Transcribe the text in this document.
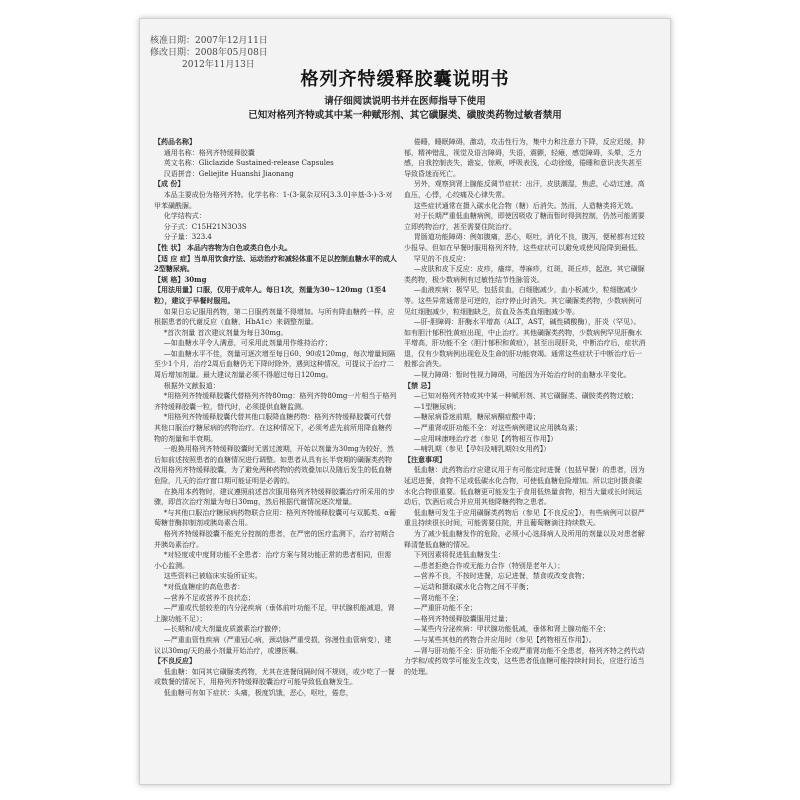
核准日期：2007年12月11日
修改日期：2008年05月08日
2012年11月13日
格列齐特缓释胶囊说明书
请仔细阅读说明书并在医师指导下使用
已知对格列齐特或其中某一种赋形剂、其它磺脲类、磺胺类药物过敏者禁用

【药品名称】

通用名称：格列齐特缓释胶囊

英文名称：Gliclazide Sustained-release Capsules

汉语拼音：Geliejite Huanshi Jiaonang

【成 份】

本品主要成份为格列齐特。化学名称：1-(3-氮杂双环[3.3.0]辛基-3-)-3-对甲苯磺酰脲。

化学结构式：

分子式：C15H21N3O3S

分子量：323.4

【性 状】 本品内容物为白色或类白色小丸。

【适 应 症】当单用饮食疗法、运动治疗和减轻体重不足以控制血糖水平的成人2型糖尿病。

【规 格】30mg

【用法用量】口服，仅用于成年人。每日1次，剂量为30~120mg（1至4粒），建议于早餐时服用。

如果日忘记服用药物，第二日服药剂量不得增加。与所有降血糖药一样，应根据患者的代谢反应（血糖，HbA1c）来调整剂量。

*首次剂量 首次建议剂量为每日30mg。

—如血糖水平令人满意，可采用此剂量用作维持治疗；

—如血糖水平不佳，剂量可逐次增至每日60、90或120mg，每次增量间隔至少1个月，治疗2周后血糖仍无下降时除外，遇到这种情况，可提议于治疗二周后增加剂量。最大建议剂量必须不得超过每日120mg。

根据外文献报道：

*用格列齐特缓释胶囊代替格列齐特80mg：格列齐特80mg一片相当于格列齐特缓释胶囊一粒，替代时，必须提供血糖监测。

*用格列齐特缓释胶囊代替其他口服降血糖药物：格列齐特缓释胶囊可代替其他口服治疗糖尿病的药物治疗。在这种情况下，必须考虑先前所用降血糖药物的剂量和半衰期。

一般换用格列齐特缓释胶囊时无需过渡期，开始以剂量为30mg为较好，然后如前述按照患者的血糖情况进行调整。如患者从具有长半衰期的磺脲类药物改用格列齐特缓释胶囊，为了避免两种药物的药效叠加以及随后发生的低血糖危险，几天的治疗窗口期可能证明是必需的。

在换用本药物时，建议遵照前述首次服用格列齐特缓释胶囊治疗所采用的步骤，即首次治疗剂量为每日30mg，然后根据代谢情况逐次增量。

*与其他口服治疗糖尿病药物联合应用：格列齐特缓释胶囊可与双胍类、α葡萄糖苷酶抑制剂或胰岛素合用。

格列齐特缓释胶囊不能充分控制的患者，在严密的医疗监测下，治疗初期合并胰岛素治疗。

*对轻度或中度肾功能不全患者：治疗方案与肾功能正常的患者相同，但需小心监测。

这些资料已被临床实验所证实。

*对低血糖症的高危患者：

—营养不足或营养不良状态；

—严重或代偿较差的内分泌疾病（垂体前叶功能不足，甲状腺机能减退，肾上腺功能不足）；

—长期和/或大剂量皮质激素治疗撤停；

—严重血管性疾病（严重冠心病，颈动脉严重受损，弥漫性血管病变），建议以30mg/天的最小剂量开始治疗，或遵医嘱。

【不良反应】

低血糖：如同其它磺脲类药物，尤其在进餐间隔时间不规则，或少吃了一餐或数餐的情况下，用格列齐特缓释胶囊治疗可能导致低血糖发生。

低血糖可有如下症状：头痛，极度饥饿，恶心，呕吐，倦怠，

倦睡，睡眠障碍，激动，攻击性行为，集中力和注意力下降，反应迟缓，抑郁，精神错乱，视觉及语言障碍，失语，震颤，轻瘫，感觉障碍，头晕，乏力感，自我控制丧失，谵妄，惊厥，呼吸表浅，心动徐缓，倦睡和意识丧失甚至导致昏迷而死亡。

另外，观察到肾上腺能反调节症状：出汗，皮肤潮湿，焦虑，心动过速，高血压，心悸，心绞痛及心律失常。

这些症状通常在摄入碳水化合物（糖）后消失。然而，人造糖类将无效。

对于长期严重低血糖病例，即使因吸收了糖而暂时得到控制，仍然可能需要立即药物治疗，甚至需要住院治疗。

胃肠道功能障碍：例如腹痛，恶心，呕吐，消化不良，腹泻，便秘都有过较少报导。但如在早餐时服用格列齐特，这些症状可以避免或使风险降到最低。

罕见的不良反应：

—皮肤和皮下反应：皮疹，瘙痒，荨麻疹，红斑，斑丘疹，起泡。其它磺脲类药物，极少数病例有过敏性结节性脉管炎。

—血液疾病：极罕见，包括贫血，白细胞减少，血小板减少，粒细胞减少等。这些异常通常是可逆的，治疗停止时消失。其它磺脲类药物，少数病例可见红细胞减少，粒细胞缺乏，贫血及各类血细胞减少等。

—肝-胆障碍：肝酶水平增高（ALT，AST，碱性磷酸酶），肝炎（罕见）。如有胆汁郁积性黄疸出现，中止治疗。其他磺脲类药物，少数病例罕见肝酶水平增高，肝功能不全（胆汁郁积和黄疸），甚至出现肝炎，中断治疗后，症状消退，仅有少数病例出现危及生命的肝功能衰竭。通常这些症状于中断治疗后一般都会消失。

—视力障碍：暂时性视力障碍，可能因为开始治疗时的血糖水平变化。

【禁 忌】

—已知对格列齐特或其中某一种赋形剂、其它磺脲类、磺胺类药物过敏；

—1型糖尿病；

—糖尿病昏迷前期，糖尿病酮症酸中毒；

—严重肾或肝功能不全：对这些病例建议应用胰岛素；

—应用咪康唑治疗者（参见【药物相互作用】）

—哺乳期（参见【孕妇及哺乳期妇女用药】）

【注意事项】

低血糖：此药物治疗应建议用于有可能定时进餐（包括早餐）的患者，因为延迟进餐，食物不足或低碳水化合物，可使低血糖危险增加。所以定时摄食碳水化合物很重要。低血糖更可能发生于食用低热量食物，相当大量或长时间运动后，饮酒后或合并应用其他降糖药物之患者。

低血糖可发生于应用磺脲类药物后（参见【不良反应】），有些病例可以很严重且持续很长时间，可能需要住院，并且葡萄糖滴注持续数天。

为了减少低血糖发作的危险，必须小心选择病人及所用的剂量以及对患者解释清楚低血糖的情况。

下列因素将促进低血糖发生：

—患者拒绝合作或无能力合作（特别是老年人）；

—营养不良，不按时进餐，忘记进餐，禁食或改变食物；

—运动和摄取碳水化合物之间不平衡；

—肾功能不全；

—严重肝功能不全；

—格列齐特缓释胶囊服用过量；

—某些内分泌疾病：甲状腺功能低减，垂体和肾上腺功能不全；

—与某些其他的药物合并应用时（参见【药物相互作用】）。

—肾与肝功能不全：肝功能不全或严重肾功能不全患者，格列齐特之药代动力学和/或药效学可能发生改变，这些患者低血糖可能持续时间长，应进行适当的处理。
